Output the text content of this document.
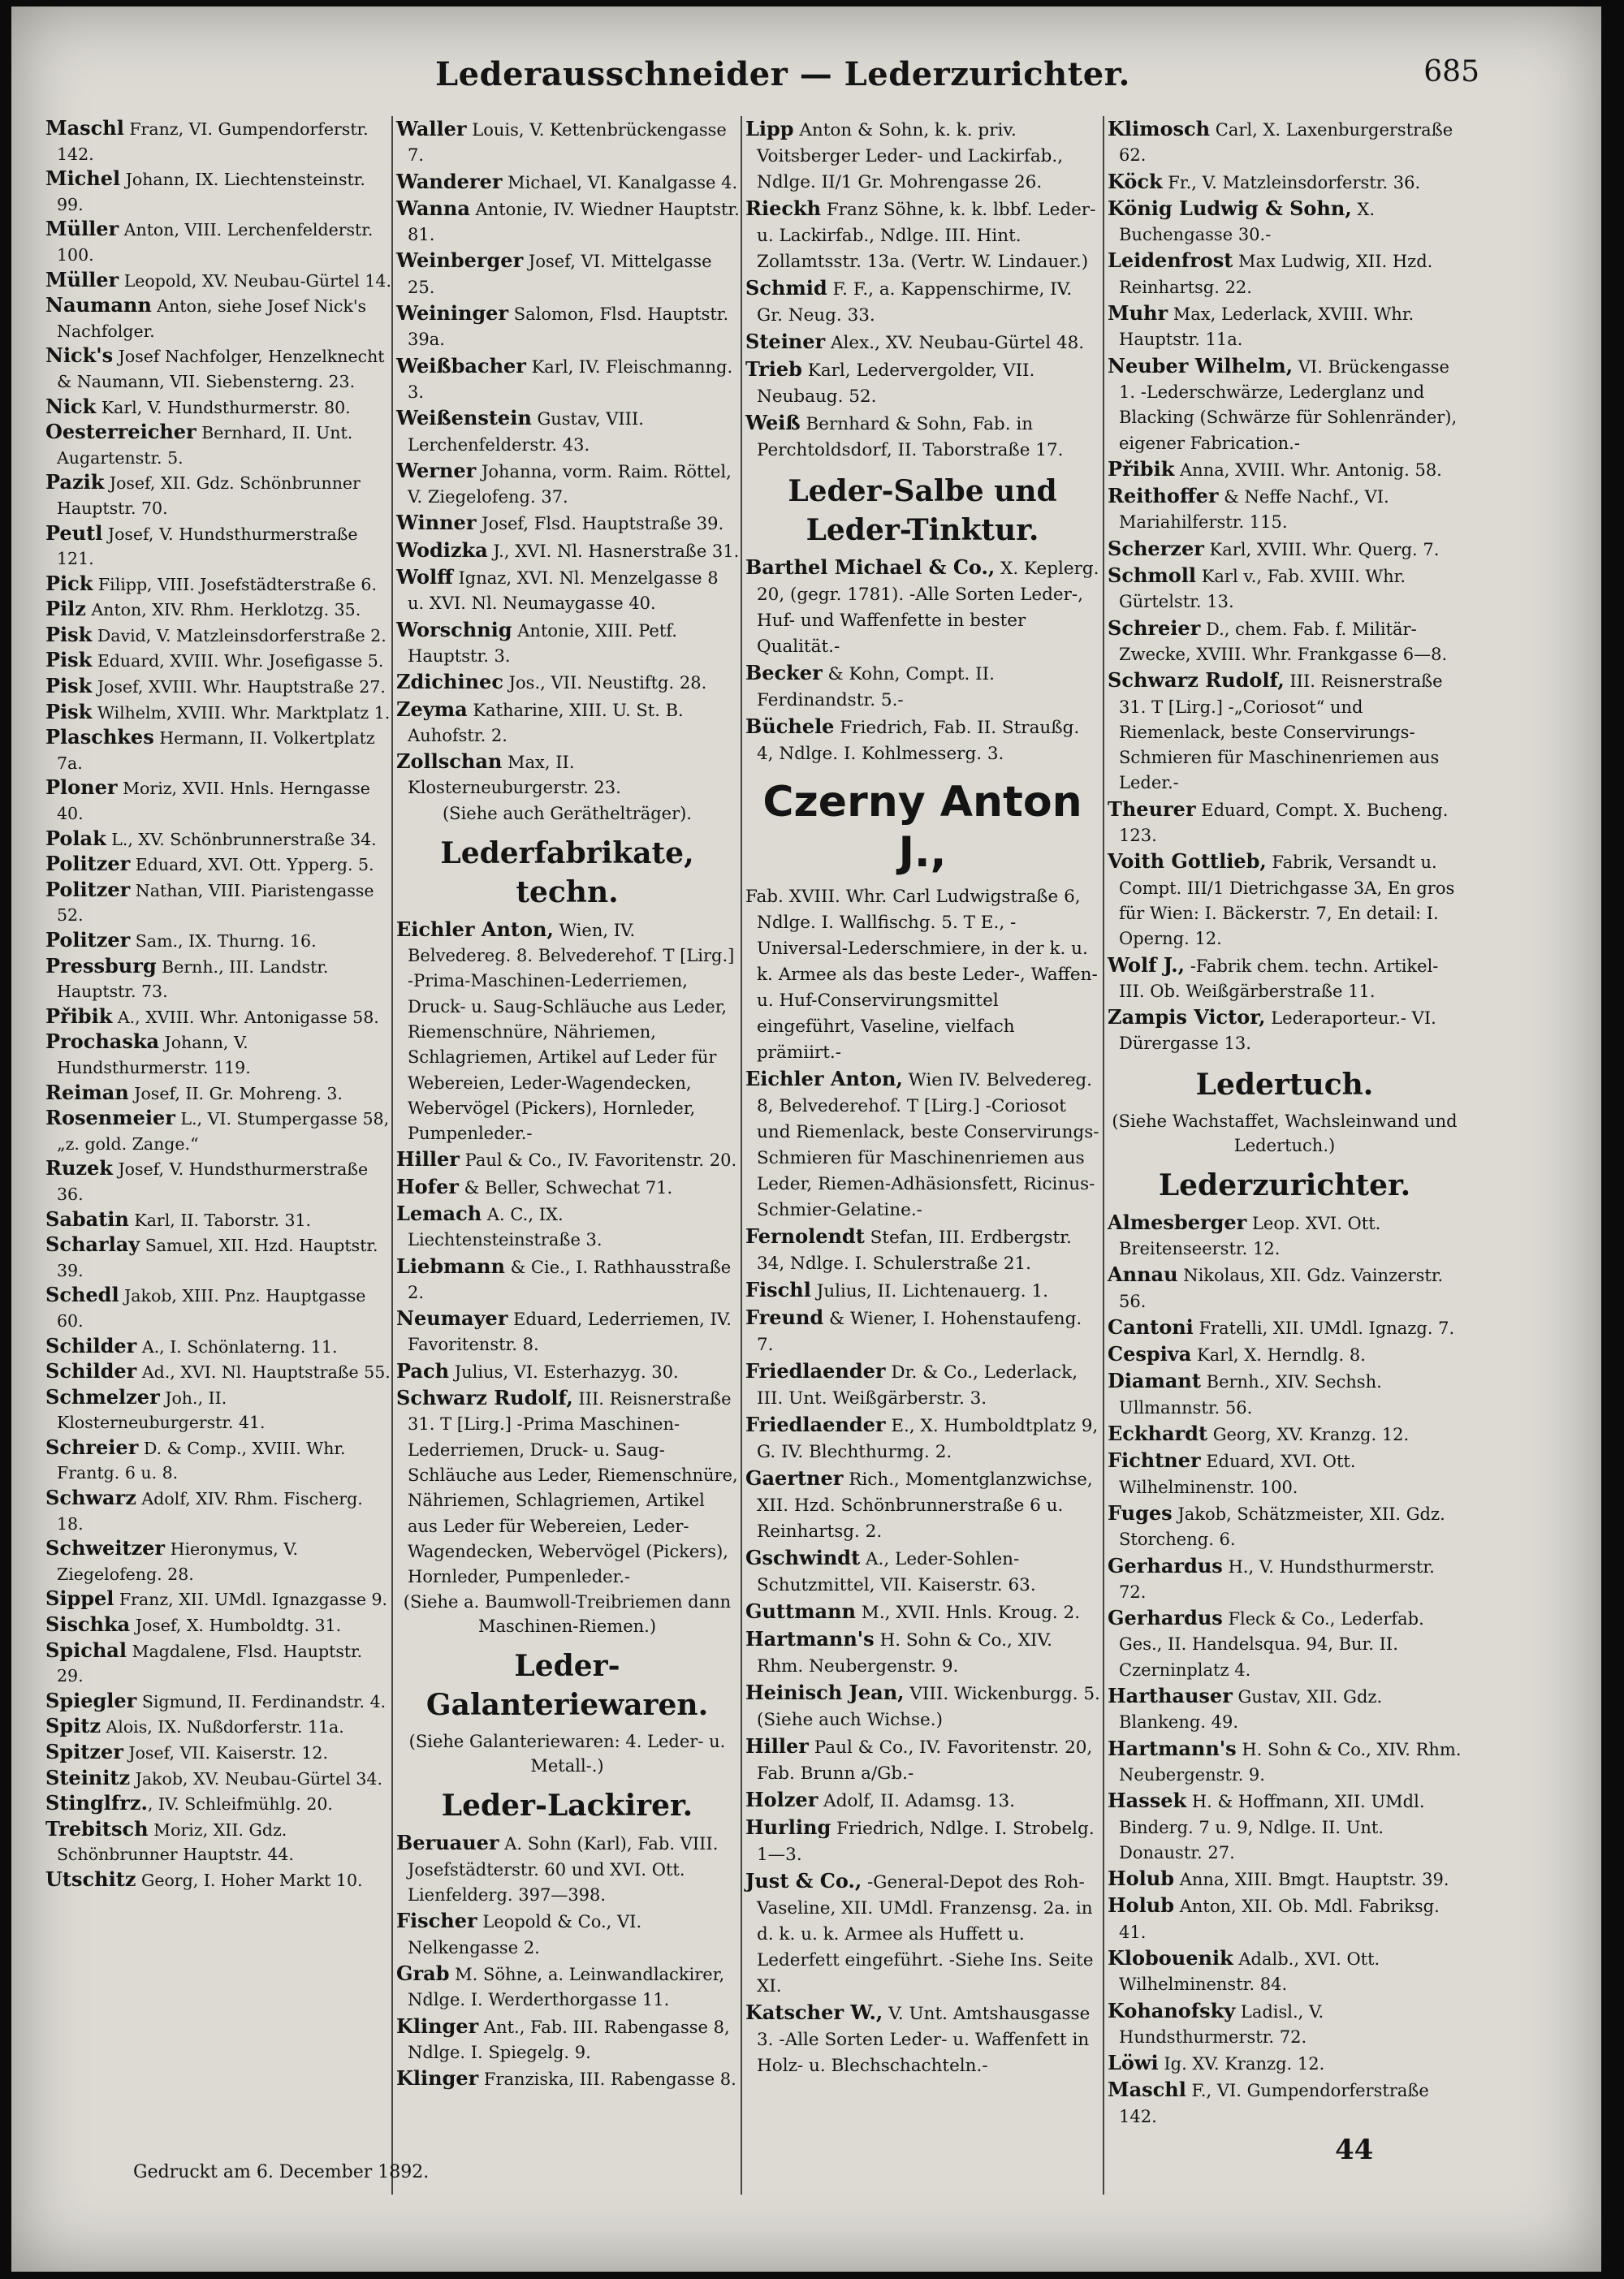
Lederausschneider — Lederzurichter.	685

Maschl Franz, VI. Gumpendorferstr. 142.

Michel Johann, IX. Liechtensteinstr. 99.

Müller Anton, VIII. Lerchenfelderstr. 100.

Müller Leopold, XV. Neubau-Gürtel 14.

Naumann Anton, siehe Josef Nick's Nachfolger.

Nick's Josef Nachfolger, Henzelknecht & Naumann, VII. Siebensterng. 23.

Nick Karl, V. Hundsthurmerstr. 80.

Oesterreicher Bernhard, II. Unt. Augartenstr. 5.

Pazik Josef, XII. Gdz. Schönbrunner Hauptstr. 70.

Peutl Josef, V. Hundsthurmerstraße 121.

Pick Filipp, VIII. Josefstädterstraße 6.

Pilz Anton, XIV. Rhm. Herklotzg. 35.

Pisk David, V. Matzleinsdorferstraße 2.

Pisk Eduard, XVIII. Whr. Josefigasse 5.

Pisk Josef, XVIII. Whr. Hauptstraße 27.

Pisk Wilhelm, XVIII. Whr. Marktplatz 1.

Plaschkes Hermann, II. Volkertplatz 7a.

Ploner Moriz, XVII. Hnls. Herngasse 40.

Polak L., XV. Schönbrunnerstraße 34.

Politzer Eduard, XVI. Ott. Ypperg. 5.

Politzer Nathan, VIII. Piaristengasse 52.

Politzer Sam., IX. Thurng. 16.

Pressburg Bernh., III. Landstr. Hauptstr. 73.

Přibik A., XVIII. Whr. Antonigasse 58.

Prochaska Johann, V. Hundsthurmerstr. 119.

Reiman Josef, II. Gr. Mohreng. 3.

Rosenmeier L., VI. Stumpergasse 58, „z. gold. Zange.“

Ruzek Josef, V. Hundsthurmerstraße 36.

Sabatin Karl, II. Taborstr. 31.

Scharlay Samuel, XII. Hzd. Hauptstr. 39.

Schedl Jakob, XIII. Pnz. Hauptgasse 60.

Schilder A., I. Schönlaterng. 11.

Schilder Ad., XVI. Nl. Hauptstraße 55.

Schmelzer Joh., II. Klosterneuburgerstr. 41.

Schreier D. & Comp., XVIII. Whr. Frantg. 6 u. 8.

Schwarz Adolf, XIV. Rhm. Fischerg. 18.

Schweitzer Hieronymus, V. Ziegelofeng. 28.

Sippel Franz, XII. UMdl. Ignazgasse 9.

Sischka Josef, X. Humboldtg. 31.

Spichal Magdalene, Flsd. Hauptstr. 29.

Spiegler Sigmund, II. Ferdinandstr. 4.

Spitz Alois, IX. Nußdorferstr. 11a.

Spitzer Josef, VII. Kaiserstr. 12.

Steinitz Jakob, XV. Neubau-Gürtel 34.

Stinglfrz., IV. Schleifmühlg. 20.

Trebitsch Moriz, XII. Gdz. Schönbrunner Hauptstr. 44.

Utschitz Georg, I. Hoher Markt 10.

Waller Louis, V. Kettenbrückengasse 7.

Wanderer Michael, VI. Kanalgasse 4.

Wanna Antonie, IV. Wiedner Hauptstr. 81.

Weinberger Josef, VI. Mittelgasse 25.

Weininger Salomon, Flsd. Hauptstr. 39a.

Weißbacher Karl, IV. Fleischmanng. 3.

Weißenstein Gustav, VIII. Lerchenfelderstr. 43.

Werner Johanna, vorm. Raim. Röttel, V. Ziegelofeng. 37.

Winner Josef, Flsd. Hauptstraße 39.

Wodizka J., XVI. Nl. Hasnerstraße 31.

Wolff Ignaz, XVI. Nl. Menzelgasse 8 u. XVI. Nl. Neumaygasse 40.

Worschnig Antonie, XIII. Petf. Hauptstr. 3.

Zdichinec Jos., VII. Neustiftg. 28.

Zeyma Katharine, XIII. U. St. B. Auhofstr. 2.

Zollschan Max, II. Klosterneuburgerstr. 23.

(Siehe auch Geräthelträger).
Lederfabrikate, techn.

Eichler Anton, Wien, IV. Belvedereg. 8. Belvederehof. T [Lirg.] -Prima-Maschinen-Lederriemen, Druck- u. Saug-Schläuche aus Leder, Riemenschnüre, Nähriemen, Schlagriemen, Artikel auf Leder für Webereien, Leder-Wagendecken, Webervögel (Pickers), Hornleder, Pumpenleder.-

Hiller Paul & Co., IV. Favoritenstr. 20.

Hofer & Beller, Schwechat 71.

Lemach A. C., IX. Liechtensteinstraße 3.

Liebmann & Cie., I. Rathhausstraße 2.

Neumayer Eduard, Lederriemen, IV. Favoritenstr. 8.

Pach Julius, VI. Esterhazyg. 30.

Schwarz Rudolf, III. Reisnerstraße 31. T [Lirg.] -Prima Maschinen-Lederriemen, Druck- u. Saug-Schläuche aus Leder, Riemenschnüre, Nähriemen, Schlagriemen, Artikel aus Leder für Webereien, Leder-Wagendecken, Webervögel (Pickers), Hornleder, Pumpenleder.-

(Siehe a. Baumwoll-Treibriemen dann Maschinen-Riemen.)
Leder-Galanteriewaren.
(Siehe Galanteriewaren: 4. Leder- u. Metall-.)
Leder-Lackirer.

Beruauer A. Sohn (Karl), Fab. VIII. Josefstädterstr. 60 und XVI. Ott. Lienfelderg. 397—398.

Fischer Leopold & Co., VI. Nelkengasse 2.

Grab M. Söhne, a. Leinwandlackirer, Ndlge. I. Werderthorgasse 11.

Klinger Ant., Fab. III. Rabengasse 8, Ndlge. I. Spiegelg. 9.

Klinger Franziska, III. Rabengasse 8.

Lipp Anton & Sohn, k. k. priv. Voitsberger Leder- und Lackirfab., Ndlge. II/1 Gr. Mohrengasse 26.

Rieckh Franz Söhne, k. k. lbbf. Leder- u. Lackirfab., Ndlge. III. Hint. Zollamtsstr. 13a. (Vertr. W. Lindauer.)

Schmid F. F., a. Kappenschirme, IV. Gr. Neug. 33.

Steiner Alex., XV. Neubau-Gürtel 48.

Trieb Karl, Ledervergolder, VII. Neubaug. 52.

Weiß Bernhard & Sohn, Fab. in Perchtoldsdorf, II. Taborstraße 17.

Leder-Salbe und Leder-Tinktur.

Barthel Michael & Co., X. Keplerg. 20, (gegr. 1781). -Alle Sorten Leder-, Huf- und Waffenfette in bester Qualität.-

Becker & Kohn, Compt. II. Ferdinandstr. 5.-

Büchele Friedrich, Fab. II. Straußg. 4, Ndlge. I. Kohlmesserg. 3.

Czerny Anton J.,

Fab. XVIII. Whr. Carl Ludwigstraße 6, Ndlge. I. Wallfischg. 5. T E., -Universal-Lederschmiere, in der k. u. k. Armee als das beste Leder-, Waffen- u. Huf-Conservirungsmittel eingeführt, Vaseline, vielfach prämiirt.-

Eichler Anton, Wien IV. Belvedereg. 8, Belvederehof. T [Lirg.] -Coriosot und Riemenlack, beste Conservirungs-Schmieren für Maschinenriemen aus Leder, Riemen-Adhäsionsfett, Ricinus-Schmier-Gelatine.-

Fernolendt Stefan, III. Erdbergstr. 34, Ndlge. I. Schulerstraße 21.

Fischl Julius, II. Lichtenauerg. 1.

Freund & Wiener, I. Hohenstaufeng. 7.

Friedlaender Dr. & Co., Lederlack, III. Unt. Weißgärberstr. 3.

Friedlaender E., X. Humboldtplatz 9, G. IV. Blechthurmg. 2.

Gaertner Rich., Momentglanzwichse, XII. Hzd. Schönbrunnerstraße 6 u. Reinhartsg. 2.

Gschwindt A., Leder-Sohlen-Schutzmittel, VII. Kaiserstr. 63.

Guttmann M., XVII. Hnls. Kroug. 2.

Hartmann's H. Sohn & Co., XIV. Rhm. Neubergenstr. 9.

Heinisch Jean, VIII. Wickenburgg. 5. (Siehe auch Wichse.)

Hiller Paul & Co., IV. Favoritenstr. 20, Fab. Brunn a/Gb.-

Holzer Adolf, II. Adamsg. 13.

Hurling Friedrich, Ndlge. I. Strobelg. 1—3.

Just & Co., -General-Depot des Roh-Vaseline, XII. UMdl. Franzensg. 2a. in d. k. u. k. Armee als Huffett u. Lederfett eingeführt. -Siehe Ins. Seite XI.

Katscher W., V. Unt. Amtshausgasse 3. -Alle Sorten Leder- u. Waffenfett in Holz- u. Blechschachteln.-

Klimosch Carl, X. Laxenburgerstraße 62.

Köck Fr., V. Matzleinsdorferstr. 36.

König Ludwig & Sohn, X. Buchengasse 30.-

Leidenfrost Max Ludwig, XII. Hzd. Reinhartsg. 22.

Muhr Max, Lederlack, XVIII. Whr. Hauptstr. 11a.

Neuber Wilhelm, VI. Brückengasse 1. -Lederschwärze, Lederglanz und Blacking (Schwärze für Sohlenränder), eigener Fabrication.-

Přibik Anna, XVIII. Whr. Antonig. 58.

Reithoffer & Neffe Nachf., VI. Mariahilferstr. 115.

Scherzer Karl, XVIII. Whr. Querg. 7.

Schmoll Karl v., Fab. XVIII. Whr. Gürtelstr. 13.

Schreier D., chem. Fab. f. Militär-Zwecke, XVIII. Whr. Frankgasse 6—8.

Schwarz Rudolf, III. Reisnerstraße 31. T [Lirg.] -„Coriosot“ und Riemenlack, beste Conservirungs-Schmieren für Maschinenriemen aus Leder.-

Theurer Eduard, Compt. X. Bucheng. 123.

Voith Gottlieb, Fabrik, Versandt u. Compt. III/1 Dietrichgasse 3A, En gros für Wien: I. Bäckerstr. 7, En detail: I. Operng. 12.

Wolf J., -Fabrik chem. techn. Artikel- III. Ob. Weißgärberstraße 11.

Zampis Victor, Lederaporteur.- VI. Dürergasse 13.

Ledertuch.
(Siehe Wachstaffet, Wachsleinwand und Ledertuch.)
Lederzurichter.

Almesberger Leop. XVI. Ott. Breitenseerstr. 12.

Annau Nikolaus, XII. Gdz. Vainzerstr. 56.

Cantoni Fratelli, XII. UMdl. Ignazg. 7.

Cespiva Karl, X. Herndlg. 8.

Diamant Bernh., XIV. Sechsh. Ullmannstr. 56.

Eckhardt Georg, XV. Kranzg. 12.

Fichtner Eduard, XVI. Ott. Wilhelminenstr. 100.

Fuges Jakob, Schätzmeister, XII. Gdz. Storcheng. 6.

Gerhardus H., V. Hundsthurmerstr. 72.

Gerhardus Fleck & Co., Lederfab. Ges., II. Handelsqua. 94, Bur. II. Czerninplatz 4.

Harthauser Gustav, XII. Gdz. Blankeng. 49.

Hartmann's H. Sohn & Co., XIV. Rhm. Neubergenstr. 9.

Hassek H. & Hoffmann, XII. UMdl. Binderg. 7 u. 9, Ndlge. II. Unt. Donaustr. 27.

Holub Anna, XIII. Bmgt. Hauptstr. 39.

Holub Anton, XII. Ob. Mdl. Fabriksg. 41.

Klobouenik Adalb., XVI. Ott. Wilhelminenstr. 84.

Kohanofsky Ladisl., V. Hundsthurmerstr. 72.

Löwi Ig. XV. Kranzg. 12.

Maschl F., VI. Gumpendorferstraße 142.

Gedruckt am 6. December 1892.
44
